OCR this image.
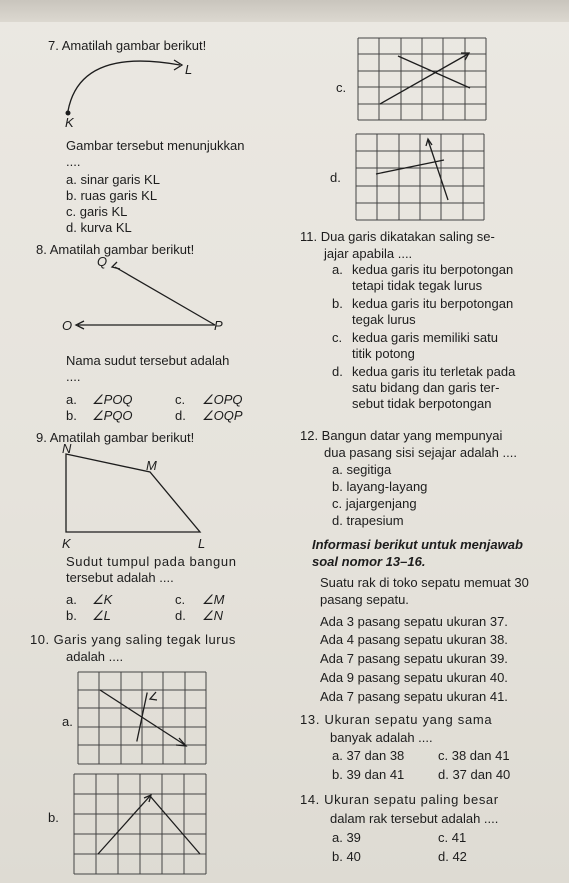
7. Amatilah gambar berikut!
L
K
Gambar tersebut menunjukkan
....
a. sinar garis KL
b. ruas garis KL
c. garis KL
d. kurva KL
8. Amatilah gambar berikut!
Q
O	P
Nama sudut tersebut adalah
....
a. ∠POQ	c. ∠OPQ
b. ∠PQO	d. ∠OQP
9. Amatilah gambar berikut!
N
M
K	L
Sudut tumpul pada bangun
tersebut adalah ....
a. ∠K	c. ∠M
b. ∠L	d. ∠N
10. Garis yang saling tegak lurus
adalah ....
a.
b.
c.
d.
11. Dua garis dikatakan saling se-
jajar apabila ....
a. kedua garis itu berpotongan
tetapi tidak tegak lurus
b. kedua garis itu berpotongan
tegak lurus
c. kedua garis memiliki satu
titik potong
d. kedua garis itu terletak pada
satu bidang dan garis ter-
sebut tidak berpotongan
12. Bangun datar yang mempunyai
dua pasang sisi sejajar adalah ....
a. segitiga
b. layang-layang
c. jajargenjang
d. trapesium
Informasi berikut untuk menjawab
soal nomor 13–16.
Suatu rak di toko sepatu memuat 30
pasang sepatu.
Ada 3 pasang sepatu ukuran 37.
Ada 4 pasang sepatu ukuran 38.
Ada 7 pasang sepatu ukuran 39.
Ada 9 pasang sepatu ukuran 40.
Ada 7 pasang sepatu ukuran 41.
13. Ukuran sepatu yang sama
banyak adalah ....
a. 37 dan 38	c. 38 dan 41
b. 39 dan 41	d. 37 dan 40
14. Ukuran sepatu paling besar
dalam rak tersebut adalah ....
a. 39	c. 41
b. 40	d. 42
